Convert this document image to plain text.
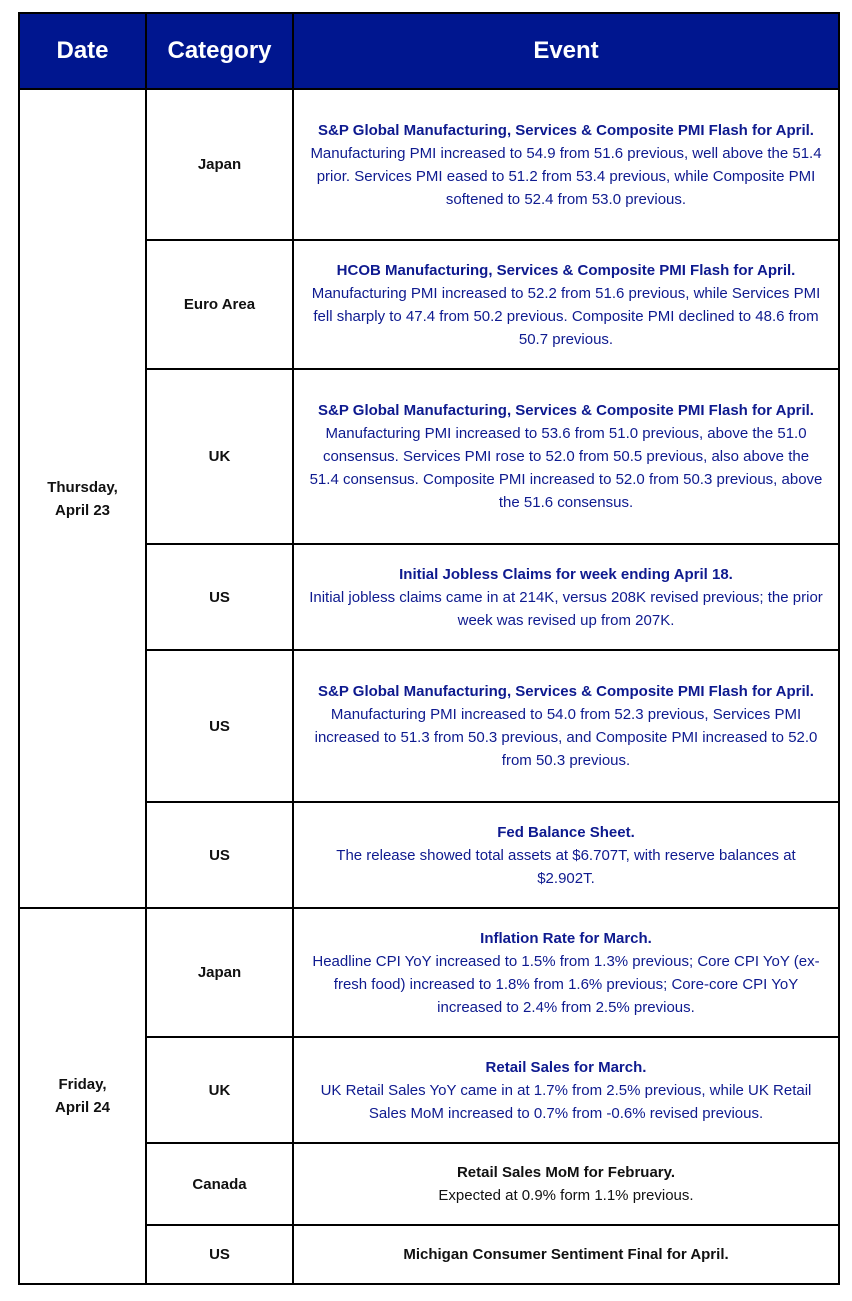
Date	Category	Event

Thursday,
April 23	Japan	S&P Global Manufacturing, Services & Composite PMI Flash for April.
Manufacturing PMI increased to 54.9 from 51.6 previous, well above the 51.4 prior. Services PMI eased to 51.2 from 53.4 previous, while Composite PMI softened to 52.4 from 53.0 previous.

	Euro Area	HCOB Manufacturing, Services & Composite PMI Flash for April.
Manufacturing PMI increased to 52.2 from 51.6 previous, while Services PMI fell sharply to 47.4 from 50.2 previous. Composite PMI declined to 48.6 from 50.7 previous.

	UK	S&P Global Manufacturing, Services & Composite PMI Flash for April.
Manufacturing PMI increased to 53.6 from 51.0 previous, above the 51.0 consensus. Services PMI rose to 52.0 from 50.5 previous, also above the 51.4 consensus. Composite PMI increased to 52.0 from 50.3 previous, above the 51.6 consensus.

	US	Initial Jobless Claims for week ending April 18.
Initial jobless claims came in at 214K, versus 208K revised previous; the prior week was revised up from 207K.

	US	S&P Global Manufacturing, Services & Composite PMI Flash for April.
Manufacturing PMI increased to 54.0 from 52.3 previous, Services PMI increased to 51.3 from 50.3 previous, and Composite PMI increased to 52.0 from 50.3 previous.

	US	Fed Balance Sheet.
The release showed total assets at $6.707T, with reserve balances at $2.902T.

Friday,
April 24	Japan	Inflation Rate for March.
Headline CPI YoY increased to 1.5% from 1.3% previous; Core CPI YoY (ex-fresh food) increased to 1.8% from 1.6% previous; Core-core CPI YoY increased to 2.4% from 2.5% previous.

	UK	Retail Sales for March.
UK Retail Sales YoY came in at 1.7% from 2.5% previous, while UK Retail Sales MoM increased to 0.7% from -0.6% revised previous.

	Canada	Retail Sales MoM for February.
Expected at 0.9% form 1.1% previous.

	US	Michigan Consumer Sentiment Final for April.
